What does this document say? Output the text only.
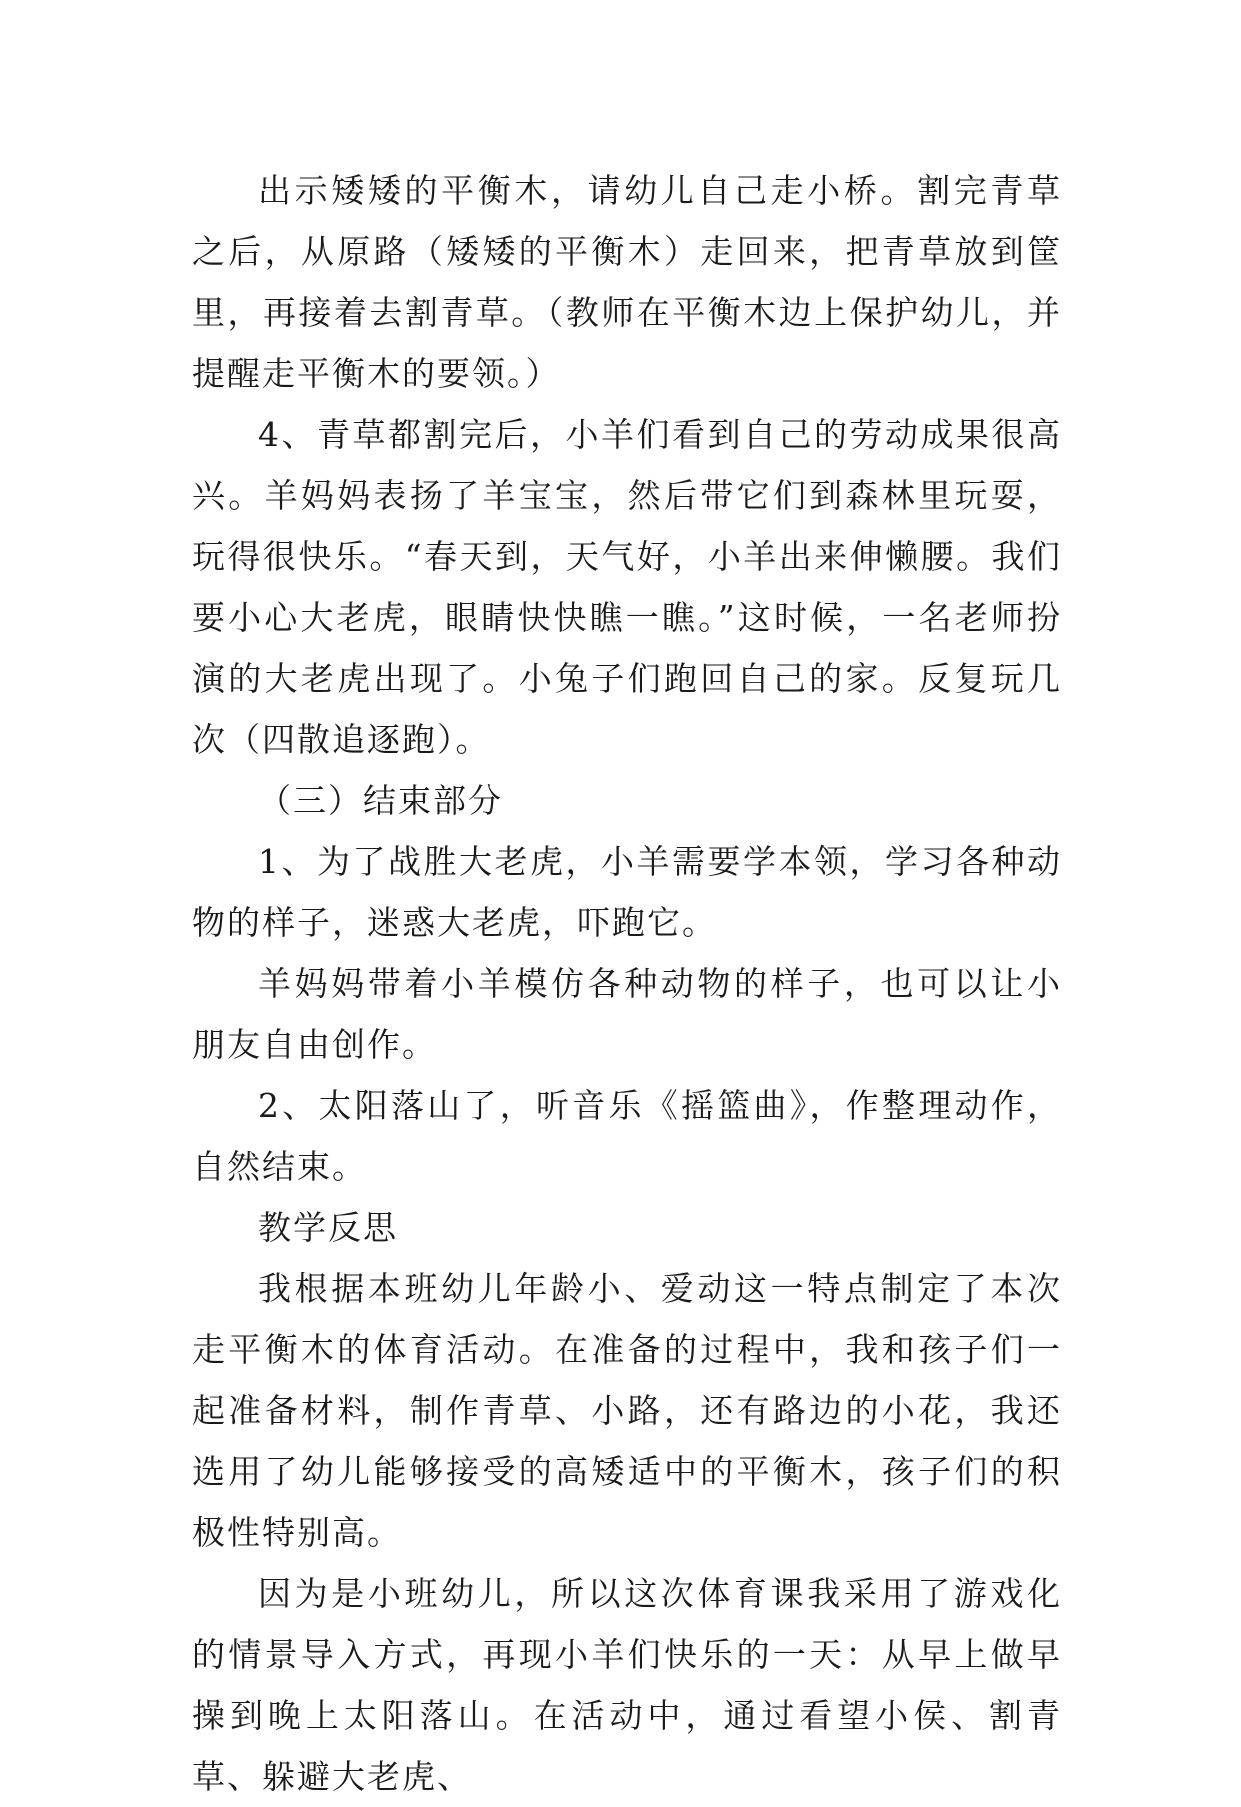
出示矮矮的平衡木，请幼儿自己走小桥。割完青草之后，从原路（矮矮的平衡木）走回来，把青草放到筐里，再接着去割青草。（教师在平衡木边上保护幼儿，并提醒走平衡木的要领。）

4、青草都割完后，小羊们看到自己的劳动成果很高兴。羊妈妈表扬了羊宝宝，然后带它们到森林里玩耍，玩得很快乐。“春天到，天气好，小羊出来伸懒腰。我们要小心大老虎，眼睛快快瞧一瞧。”这时候，一名老师扮演的大老虎出现了。小兔子们跑回自己的家。反复玩几次（四散追逐跑）。

（三）结束部分

1、为了战胜大老虎，小羊需要学本领，学习各种动物的样子，迷惑大老虎，吓跑它。

羊妈妈带着小羊模仿各种动物的样子，也可以让小朋友自由创作。

2、太阳落山了，听音乐《摇篮曲》，作整理动作，自然结束。

教学反思

我根据本班幼儿年龄小、爱动这一特点制定了本次走平衡木的体育活动。在准备的过程中，我和孩子们一起准备材料，制作青草、小路，还有路边的小花，我还选用了幼儿能够接受的高矮适中的平衡木，孩子们的积极性特别高。

因为是小班幼儿，所以这次体育课我采用了游戏化的情景导入方式，再现小羊们快乐的一天：从早上做早操到晚上太阳落山。在活动中，通过看望小侯、割青草、躲避大老虎、
